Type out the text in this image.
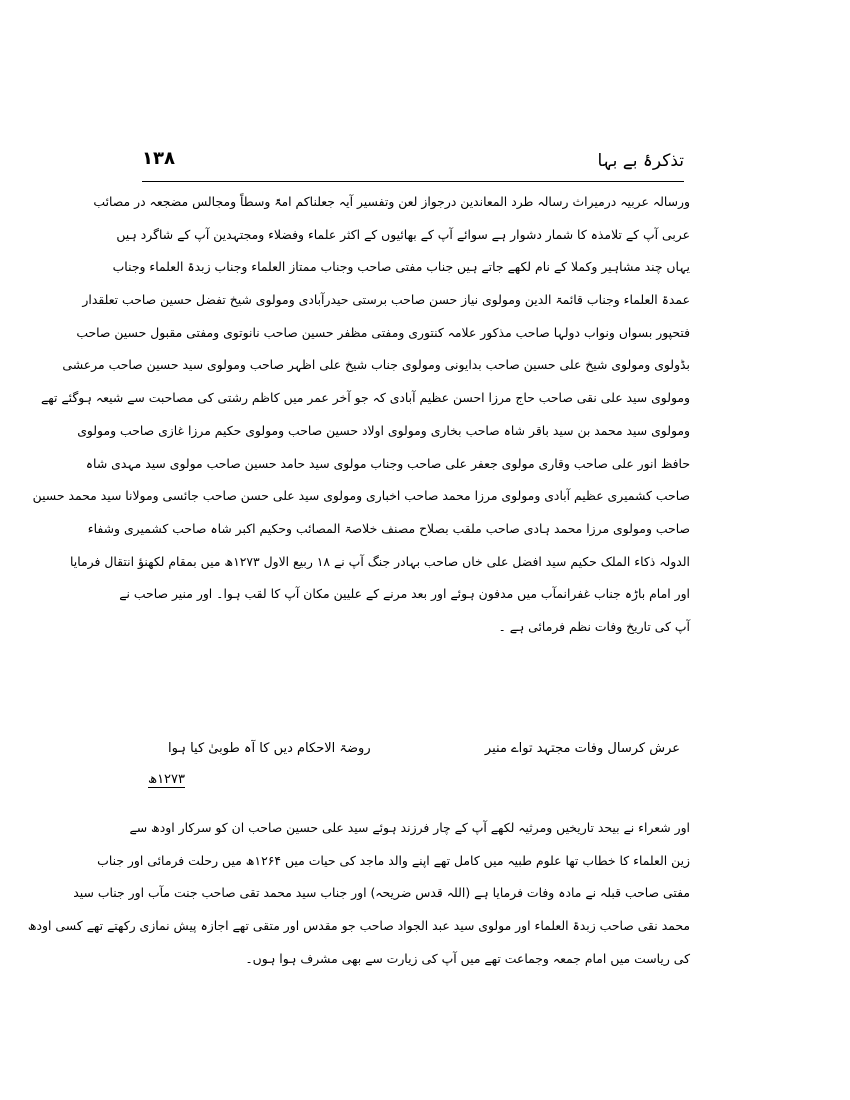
تذکرۂ بے بہا
۱۳۸
ورسالہ عربیہ درمیراث رسالہ طرد المعاندین درجواز لعن وتفسیر آیہ جعلناکم امۃً وسطاً ومجالس مضجعہ در مصائب
عربی آپ کے تلامذہ کا شمار دشوار ہے سوائے آپ کے بھائیوں کے اکثر علماء وفضلاء ومجتہدین آپ کے شاگرد ہیں
یہاں چند مشاہیر وکملا کے نام لکھے جاتے ہیں جناب مفتی صاحب وجناب ممتاز العلماء وجناب زبدۃ العلماء وجناب
عمدۃ العلماء وجناب قائمۃ الدین ومولوی نیاز حسن صاحب برستی حیدرآبادی ومولوی شیخ تفضل حسین صاحب تعلقدار
فتحپور بسواں ونواب دولہا صاحب مذکور علامہ کنتوری ومفتی مظفر حسین صاحب نانوتوی ومفتی مقبول حسین صاحب
بڈولوی ومولوی شیخ علی حسین صاحب بدایونی ومولوی جناب شیخ علی اظہر صاحب ومولوی سید حسین صاحب مرعشی
ومولوی سید علی نقی صاحب حاج مرزا احسن عظیم آبادی کہ جو آخر عمر میں کاظم رشتی کی مصاحبت سے شیعہ ہوگئے تھے
ومولوی سید محمد بن سید باقر شاہ صاحب بخاری ومولوی اولاد حسین صاحب ومولوی حکیم مرزا غازی صاحب ومولوی
حافظ انور علی صاحب وقاری مولوی جعفر علی صاحب وجناب مولوی سید حامد حسین صاحب مولوی سید مہدی شاہ
صاحب کشمیری عظیم آبادی ومولوی مرزا محمد صاحب اخباری ومولوی سید علی حسن صاحب جائسی ومولانا سید محمد حسین
صاحب ومولوی مرزا محمد ہادی صاحب ملقب بصلاح مصنف خلاصۃ المصائب وحکیم اکبر شاہ صاحب کشمیری وشفاء
الدولہ ذکاء الملک حکیم سید افضل علی خاں صاحب بہادر جنگ آپ نے ۱۸ ربیع الاول ۱۲۷۳ھ میں بمقام لکھنؤ انتقال فرمایا
اور امام باڑہ جناب غفرانمآب میں مدفون ہوئے اور بعد مرنے کے علیین مکان آپ کا لقب ہوا۔ اور منیر صاحب نے
آپ کی تاریخ وفات نظم فرمائی ہے ۔
عرش کرسال وفات مجتہد تواے منیر
روضۃ الاحکام دیں کا آہ طوبیٰ کیا ہوا
۱۲۷۳ھ
اور شعراء نے بیحد تاریخیں ومرثیہ لکھے آپ کے چار فرزند ہوئے سید علی حسین صاحب ان کو سرکار اودھ سے
زین العلماء کا خطاب تھا علوم طبیہ میں کامل تھے اپنے والد ماجد کی حیات میں ۱۲۶۴ھ میں رحلت فرمائی اور جناب
مفتی صاحب قبلہ نے مادہ وفات فرمایا ہے (اللہ قدس ضریحہ) اور جناب سید محمد تقی صاحب جنت مآب اور جناب سید
محمد نقی صاحب زبدۃ العلماء اور مولوی سید عبد الجواد صاحب جو مقدس اور متقی تھے اجازہ پیش نمازی رکھتے تھے کسی اودھ
کی ریاست میں امام جمعہ وجماعت تھے میں آپ کی زیارت سے بھی مشرف ہوا ہوں۔
